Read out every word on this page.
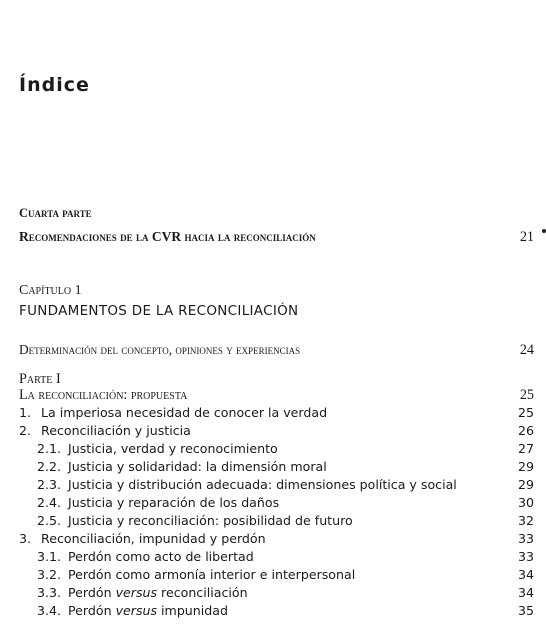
Índice
Cuarta parte
Recomendaciones de la CVR hacia la reconciliación	21
Capítulo 1
FUNDAMENTOS DE LA RECONCILIACIÓN
Determinación del concepto, opiniones y experiencias	24
Parte I
La reconciliación: propuesta	25
1. La imperiosa necesidad de conocer la verdad	25
2. Reconciliación y justicia	26
2.1. Justicia, verdad y reconocimiento	27
2.2. Justicia y solidaridad: la dimensión moral	29
2.3. Justicia y distribución adecuada: dimensiones política y social	29
2.4. Justicia y reparación de los daños	30
2.5. Justicia y reconciliación: posibilidad de futuro	32
3. Reconciliación, impunidad y perdón	33
3.1. Perdón como acto de libertad	33
3.2. Perdón como armonía interior e interpersonal	34
3.3. Perdón versus reconciliación	34
3.4. Perdón versus impunidad	35
